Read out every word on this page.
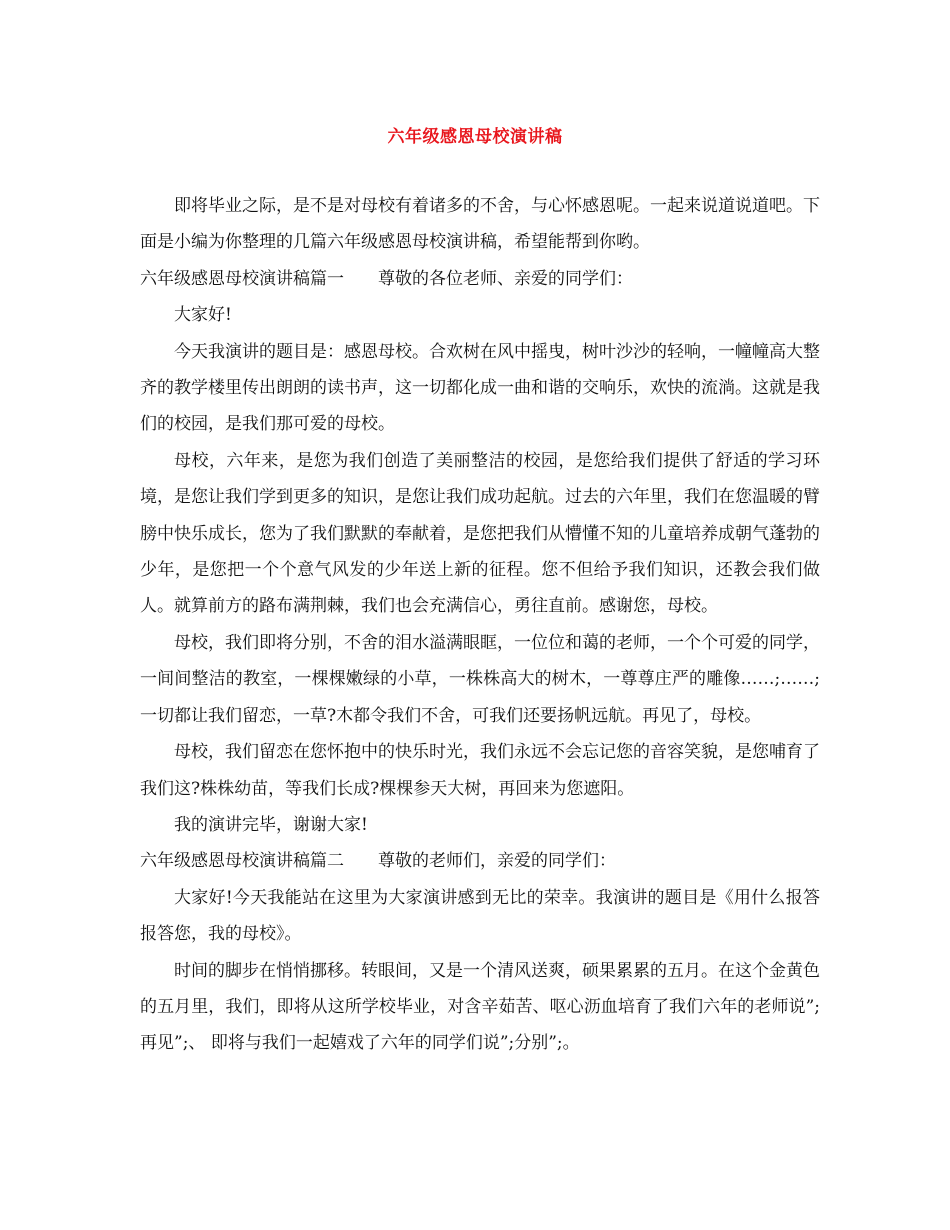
六年级感恩母校演讲稿

即将毕业之际，是不是对母校有着诸多的不舍，与心怀感恩呢。一起来说道说道吧。下面是小编为你整理的几篇六年级感恩母校演讲稿，希望能帮到你哟。

六年级感恩母校演讲稿篇一 尊敬的各位老师、亲爱的同学们：

大家好!

今天我演讲的题目是：感恩母校。合欢树在风中摇曳，树叶沙沙的轻响，一幢幢高大整齐的教学楼里传出朗朗的读书声，这一切都化成一曲和谐的交响乐，欢快的流淌。这就是我们的校园，是我们那可爱的母校。

母校，六年来，是您为我们创造了美丽整洁的校园，是您给我们提供了舒适的学习环境，是您让我们学到更多的知识，是您让我们成功起航。过去的六年里，我们在您温暖的臂膀中快乐成长，您为了我们默默的奉献着，是您把我们从懵懂不知的儿童培养成朝气蓬勃的少年，是您把一个个意气风发的少年送上新的征程。您不但给予我们知识，还教会我们做人。就算前方的路布满荆棘，我们也会充满信心，勇往直前。感谢您，母校。

母校，我们即将分别，不舍的泪水溢满眼眶，一位位和蔼的老师，一个个可爱的同学，一间间整洁的教室，一棵棵嫩绿的小草，一株株高大的树木，一尊尊庄严的雕像……;……;一切都让我们留恋，一草?木都令我们不舍，可我们还要扬帆远航。再见了，母校。

母校，我们留恋在您怀抱中的快乐时光，我们永远不会忘记您的音容笑貌，是您哺育了我们这?株株幼苗，等我们长成?棵棵参天大树，再回来为您遮阳。

我的演讲完毕，谢谢大家!

六年级感恩母校演讲稿篇二 尊敬的老师们，亲爱的同学们：

大家好!今天我能站在这里为大家演讲感到无比的荣幸。我演讲的题目是《用什么报答报答您，我的母校》。

时间的脚步在悄悄挪移。转眼间，又是一个清风送爽，硕果累累的五月。在这个金黄色的五月里，我们，即将从这所学校毕业，对含辛茹苦、呕心沥血培育了我们六年的老师说”;再见”;、 即将与我们一起嬉戏了六年的同学们说”;分别”;。
